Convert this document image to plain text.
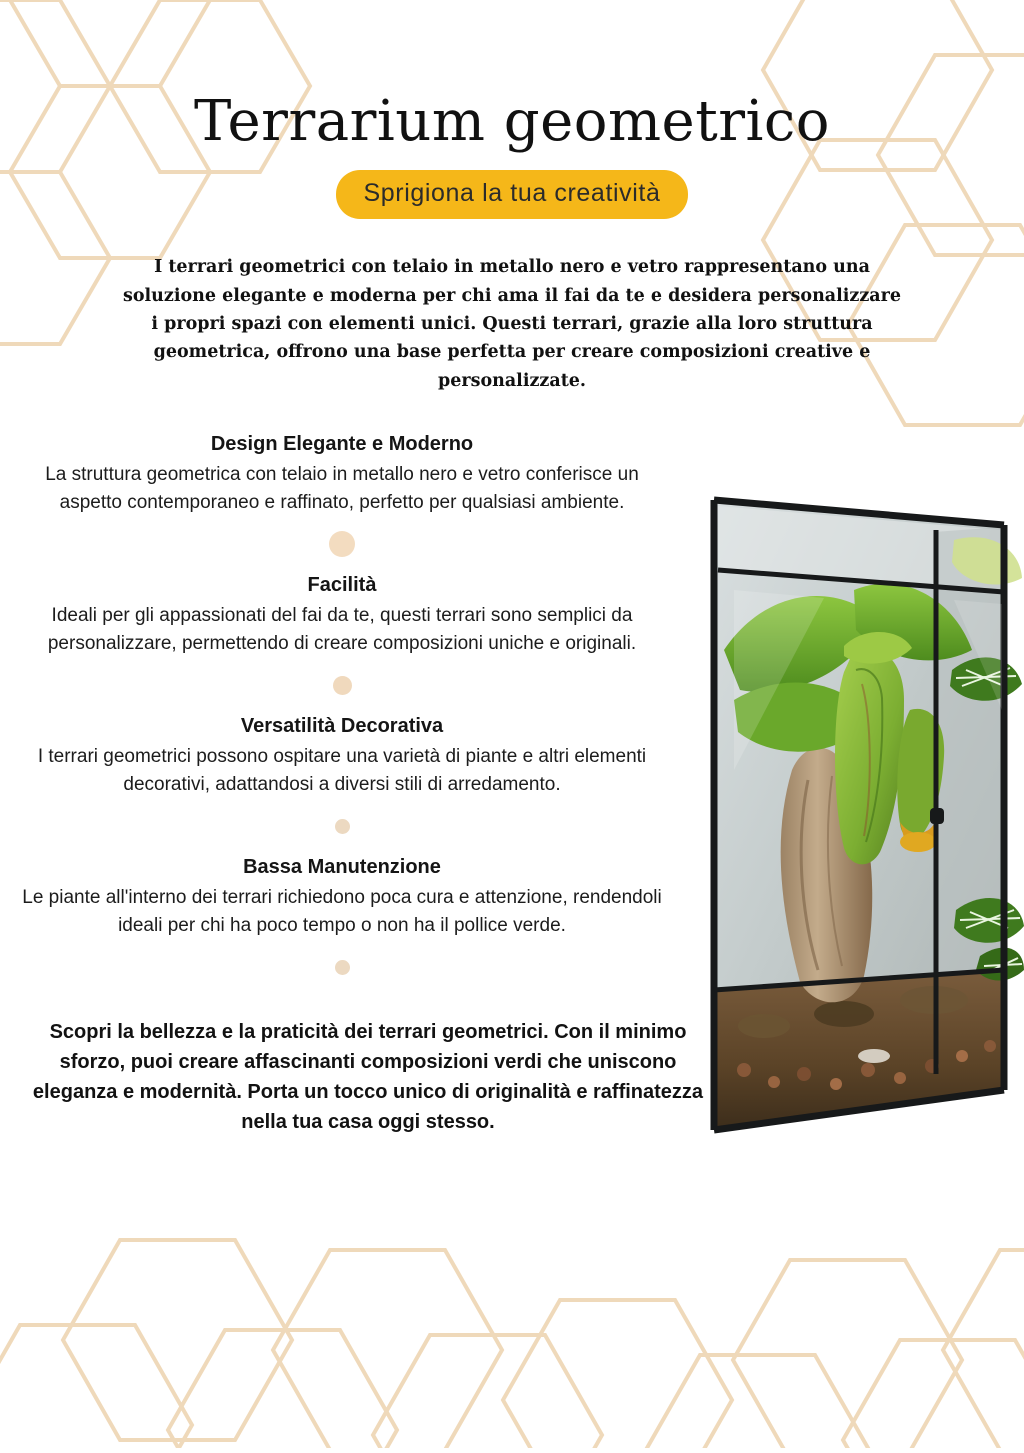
Terrarium geometrico
Sprigiona la tua creatività

I terrari geometrici con telaio in metallo nero e vetro rappresentano una soluzione elegante e moderna per chi ama il fai da te e desidera personalizzare i propri spazi con elementi unici. Questi terrari, grazie alla loro struttura geometrica, offrono una base perfetta per creare composizioni creative e personalizzate.

Design Elegante e Moderno

La struttura geometrica con telaio in metallo nero e vetro conferisce un aspetto contemporaneo e raffinato, perfetto per qualsiasi ambiente.

Facilità

Ideali per gli appassionati del fai da te, questi terrari sono semplici da personalizzare, permettendo di creare composizioni uniche e originali.

Versatilità Decorativa

I terrari geometrici possono ospitare una varietà di piante e altri elementi decorativi, adattandosi a diversi stili di arredamento.

Bassa Manutenzione

Le piante all'interno dei terrari richiedono poca cura e attenzione, rendendoli ideali per chi ha poco tempo o non ha il pollice verde.

Scopri la bellezza e la praticità dei terrari geometrici. Con il minimo sforzo, puoi creare affascinanti composizioni verdi che uniscono eleganza e modernità. Porta un tocco unico di originalità e raffinatezza nella tua casa oggi stesso.
